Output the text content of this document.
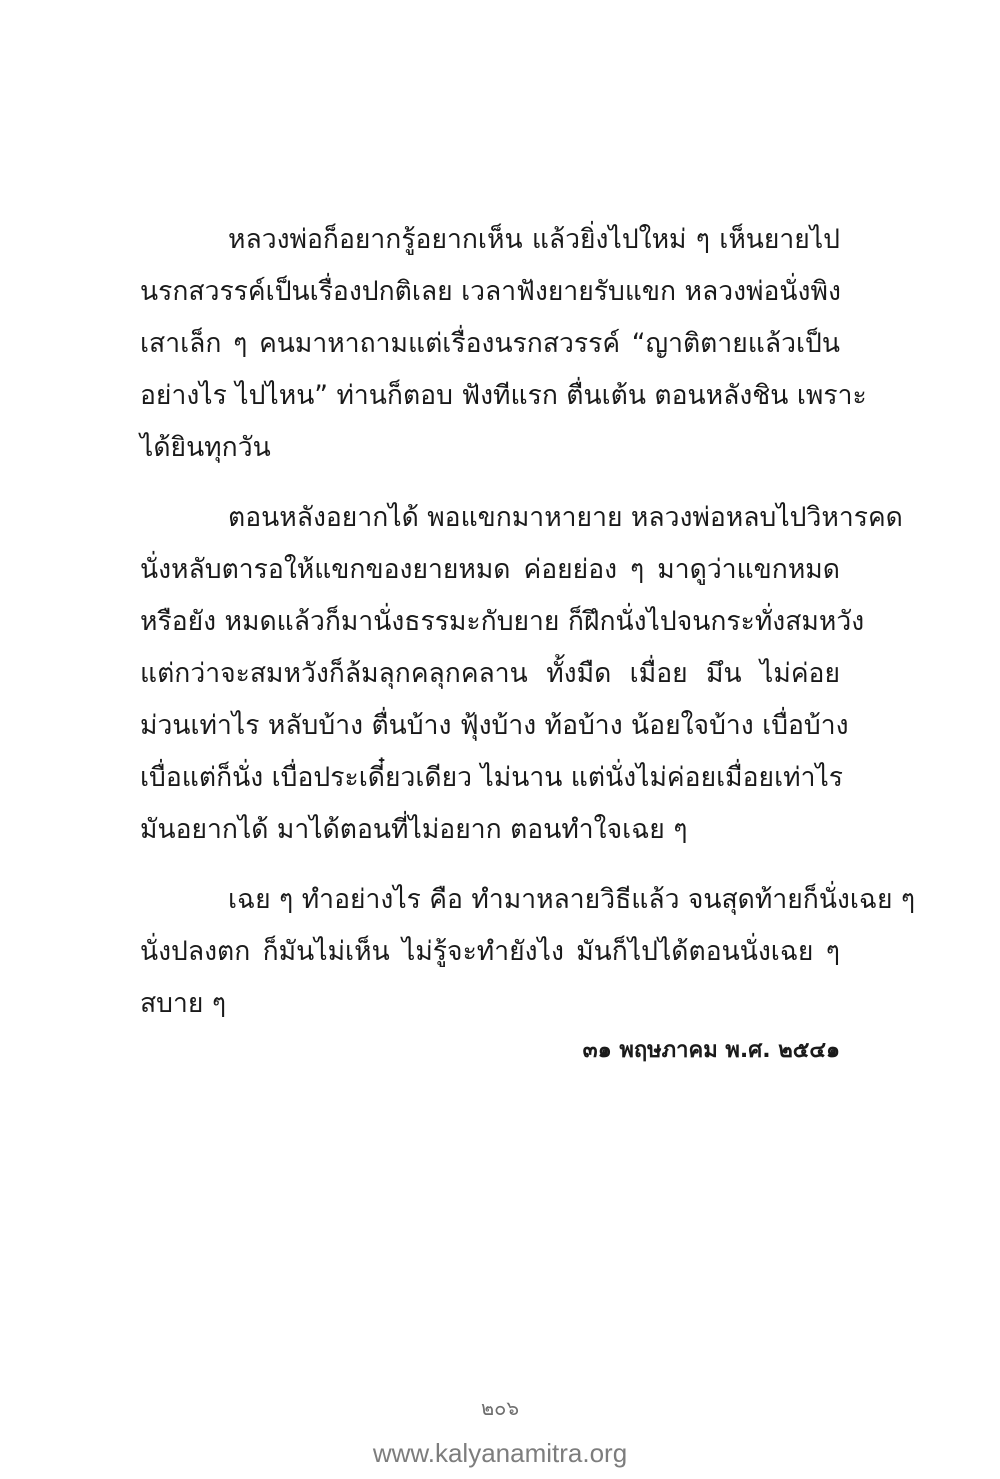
หลวงพ่อก็อยากรู้อยากเห็น แล้วยิ่งไปใหม่ ๆ เห็นยายไป
นรกสวรรค์เป็นเรื่องปกติเลย เวลาฟังยายรับแขก หลวงพ่อนั่งพิง
เสาเล็ก ๆ คนมาหาถามแต่เรื่องนรกสวรรค์ “ญาติตายแล้วเป็น
อย่างไร ไปไหน” ท่านก็ตอบ ฟังทีแรก ตื่นเต้น ตอนหลังชิน เพราะ
ได้ยินทุกวัน
ตอนหลังอยากได้ พอแขกมาหายาย หลวงพ่อหลบไปวิหารคด
นั่งหลับตารอให้แขกของยายหมด ค่อยย่อง ๆ มาดูว่าแขกหมด
หรือยัง หมดแล้วก็มานั่งธรรมะกับยาย ก็ฝึกนั่งไปจนกระทั่งสมหวัง
แต่กว่าจะสมหวังก็ล้มลุกคลุกคลาน ทั้งมืด เมื่อย มึน ไม่ค่อย
ม่วนเท่าไร หลับบ้าง ตื่นบ้าง ฟุ้งบ้าง ท้อบ้าง น้อยใจบ้าง เบื่อบ้าง
เบื่อแต่ก็นั่ง เบื่อประเดี๋ยวเดียว ไม่นาน แต่นั่งไม่ค่อยเมื่อยเท่าไร
มันอยากได้ มาได้ตอนที่ไม่อยาก ตอนทำใจเฉย ๆ
เฉย ๆ ทำอย่างไร คือ ทำมาหลายวิธีแล้ว จนสุดท้ายก็นั่งเฉย ๆ
นั่งปลงตก ก็มันไม่เห็น ไม่รู้จะทำยังไง มันก็ไปได้ตอนนั่งเฉย ๆ
สบาย ๆ
๓๑ พฤษภาคม พ.ศ. ๒๕๔๑
๒๐๖
www.kalyanamitra.org
